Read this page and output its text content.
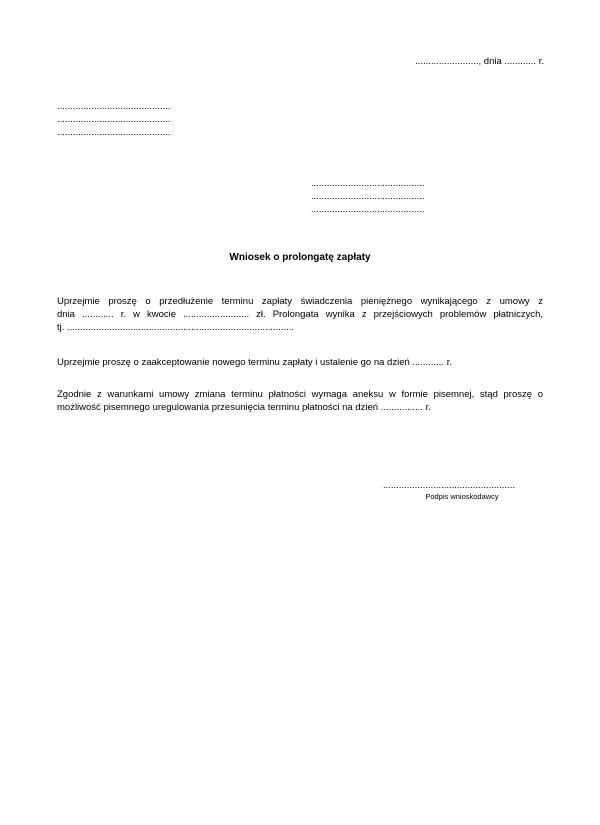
........................, dnia ............ r.
...........................................
...........................................
...........................................
...........................................
...........................................
...........................................
Wniosek o prolongatę zapłaty
Uprzejmie proszę o przedłużenie terminu zapłaty świadczenia pieniężnego wynikającego z umowy z
dnia ............ r. w kwocie ......................... zł. Prolongata wynika z przejściowych problemów płatniczych,
tj. ......................................................................................
Uprzejmie proszę o zaakceptowanie nowego terminu zapłaty i ustalenie go na dzień ............ r.
Zgodnie z warunkami umowy zmiana terminu płatności wymaga aneksu w formie pisemnej, stąd proszę o
możliwość pisemnego uregulowania przesunięcia terminu płatności na dzień ................ r.
..................................................
Podpis wnioskodawcy
